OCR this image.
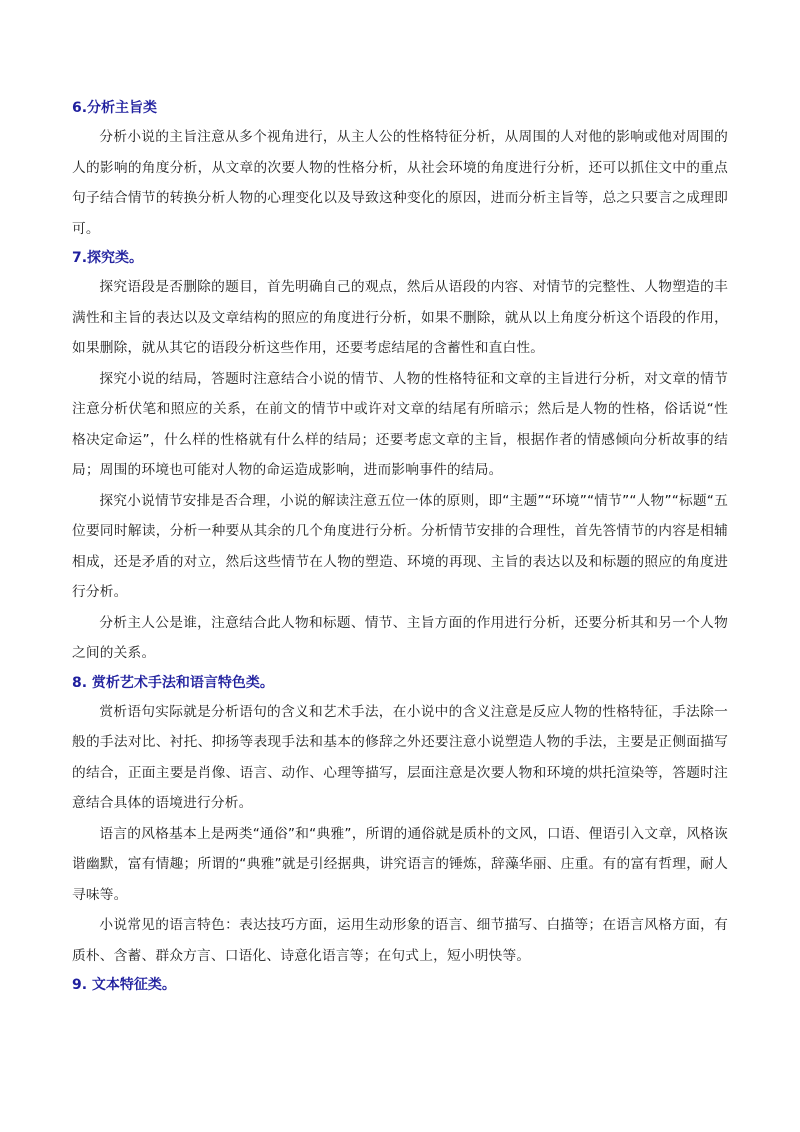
6.分析主旨类

分析小说的主旨注意从多个视角进行，从主人公的性格特征分析，从周围的人对他的影响或他对周围的人的影响的角度分析，从文章的次要人物的性格分析，从社会环境的角度进行分析，还可以抓住文中的重点句子结合情节的转换分析人物的心理变化以及导致这种变化的原因，进而分析主旨等，总之只要言之成理即可。

7.探究类。

探究语段是否删除的题目，首先明确自己的观点，然后从语段的内容、对情节的完整性、人物塑造的丰满性和主旨的表达以及文章结构的照应的角度进行分析，如果不删除，就从以上角度分析这个语段的作用，如果删除，就从其它的语段分析这些作用，还要考虑结尾的含蓄性和直白性。

探究小说的结局，答题时注意结合小说的情节、人物的性格特征和文章的主旨进行分析，对文章的情节注意分析伏笔和照应的关系，在前文的情节中或许对文章的结尾有所暗示；然后是人物的性格，俗话说“性格决定命运”，什么样的性格就有什么样的结局；还要考虑文章的主旨，根据作者的情感倾向分析故事的结局；周围的环境也可能对人物的命运造成影响，进而影响事件的结局。

探究小说情节安排是否合理，小说的解读注意五位一体的原则，即“主题”“环境”“情节”“人物”“标题“五位要同时解读，分析一种要从其余的几个角度进行分析。分析情节安排的合理性，首先答情节的内容是相辅相成，还是矛盾的对立，然后这些情节在人物的塑造、环境的再现、主旨的表达以及和标题的照应的角度进行分析。

分析主人公是谁，注意结合此人物和标题、情节、主旨方面的作用进行分析，还要分析其和另一个人物之间的关系。

8. 赏析艺术手法和语言特色类。

赏析语句实际就是分析语句的含义和艺术手法，在小说中的含义注意是反应人物的性格特征，手法除一般的手法对比、衬托、抑扬等表现手法和基本的修辞之外还要注意小说塑造人物的手法，主要是正侧面描写的结合，正面主要是肖像、语言、动作、心理等描写，层面注意是次要人物和环境的烘托渲染等，答题时注意结合具体的语境进行分析。

语言的风格基本上是两类“通俗”和“典雅”，所谓的通俗就是质朴的文风，口语、俚语引入文章，风格诙谐幽默，富有情趣；所谓的“典雅”就是引经据典，讲究语言的锤炼，辞藻华丽、庄重。有的富有哲理，耐人寻味等。

小说常见的语言特色：表达技巧方面，运用生动形象的语言、细节描写、白描等；在语言风格方面，有质朴、含蓄、群众方言、口语化、诗意化语言等；在句式上，短小明快等。

9. 文本特征类。
